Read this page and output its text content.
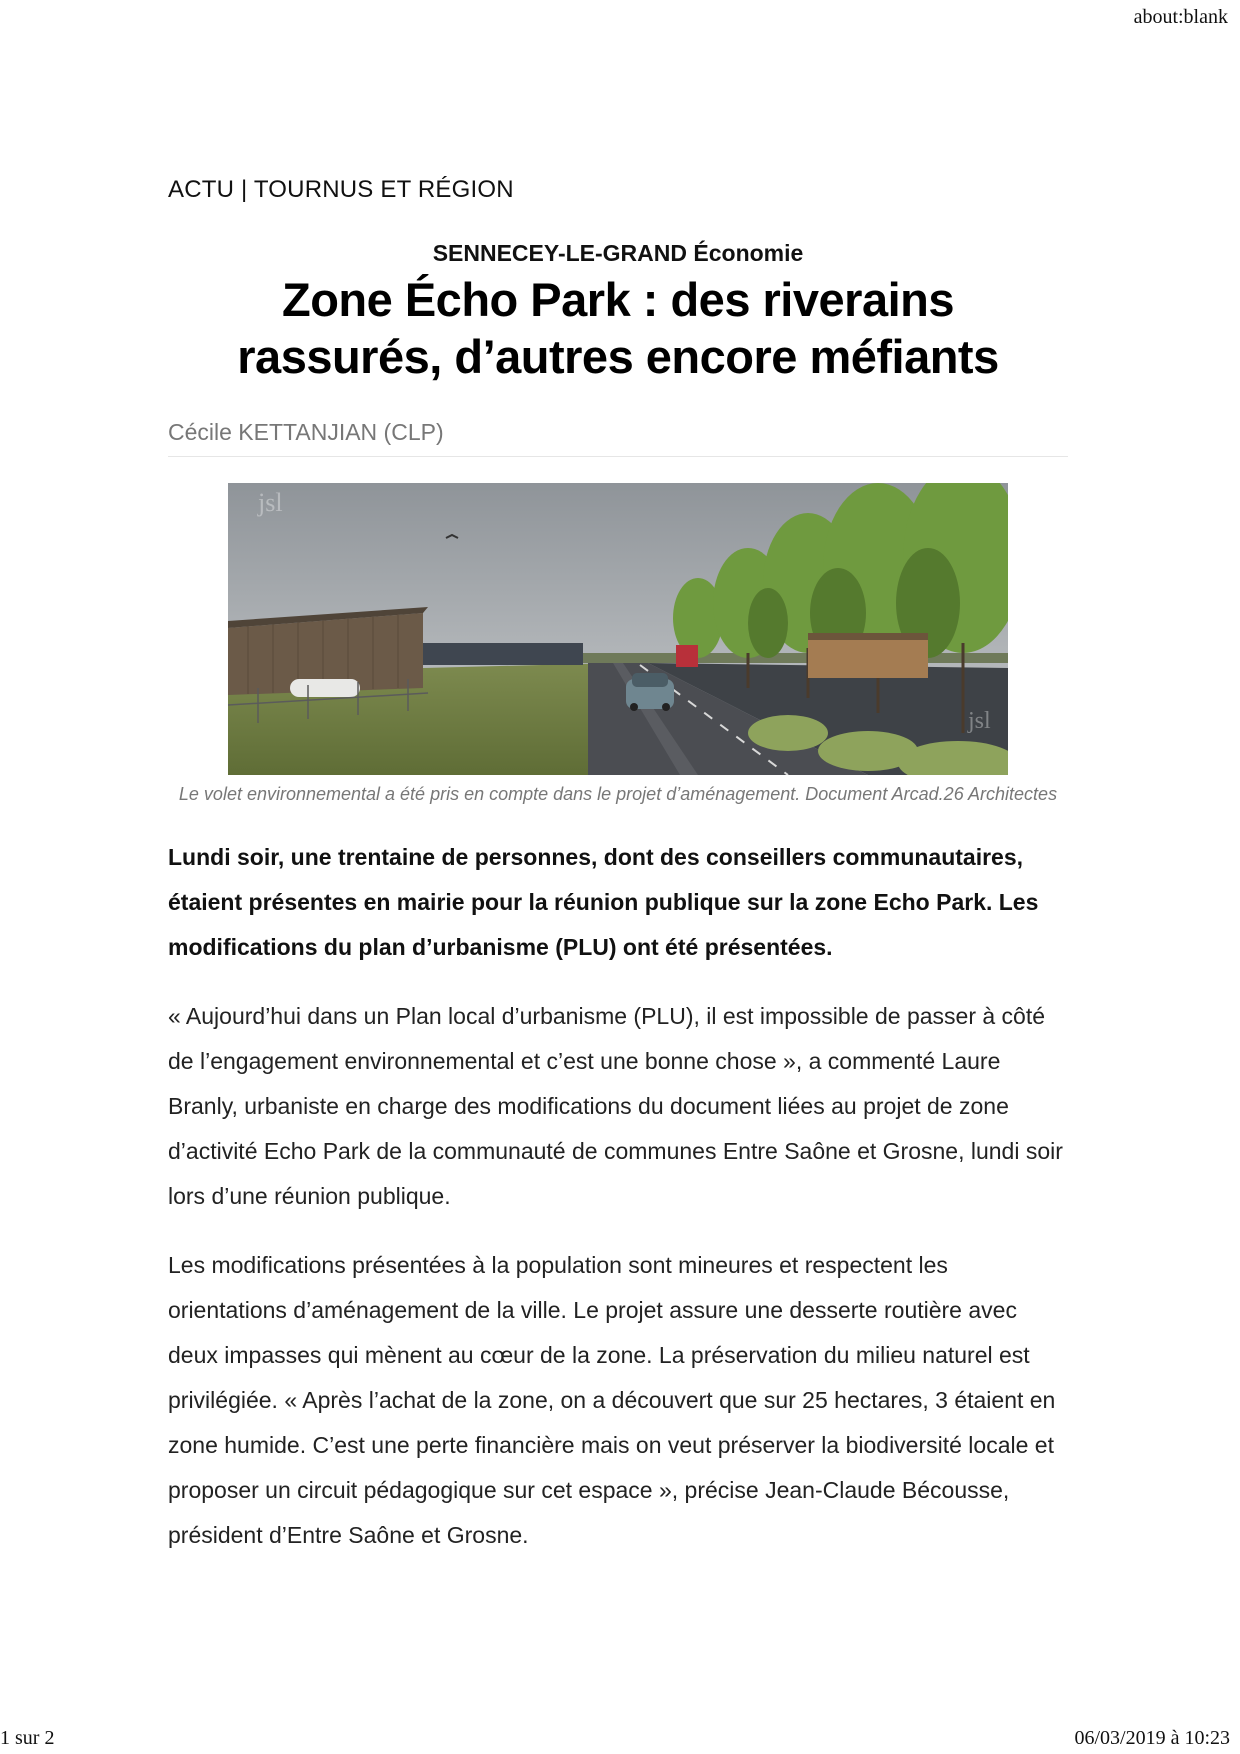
about:blank
ACTU | TOURNUS ET RÉGION
SENNECEY-LE-GRAND Économie
Zone Écho Park : des riverains
rassurés, d’autres encore méfiants
Cécile KETTANJIAN (CLP)
jsl
jsl
Le volet environnemental a été pris en compte dans le projet d’aménagement. Document Arcad.26 Architectes

Lundi soir, une trentaine de personnes, dont des conseillers communautaires, étaient présentes en mairie pour la réunion publique sur la zone Echo Park. Les modifications du plan d’urbanisme (PLU) ont été présentées.

« Aujourd’hui dans un Plan local d’urbanisme (PLU), il est impossible de passer à côté de l’engagement environnemental et c’est une bonne chose », a commenté Laure Branly, urbaniste en charge des modifications du document liées au projet de zone d’activité Echo Park de la communauté de communes Entre Saône et Grosne, lundi soir lors d’une réunion publique.

Les modifications présentées à la population sont mineures et respectent les orientations d’aménagement de la ville. Le projet assure une desserte routière avec deux impasses qui mènent au cœur de la zone. La préservation du milieu naturel est privilégiée. « Après l’achat de la zone, on a découvert que sur 25 hectares, 3 étaient en zone humide. C’est une perte financière mais on veut préserver la biodiversité locale et proposer un circuit pédagogique sur cet espace », précise Jean-Claude Bécousse, président d’Entre Saône et Grosne.

1 sur 2	06/03/2019 à 10:23
